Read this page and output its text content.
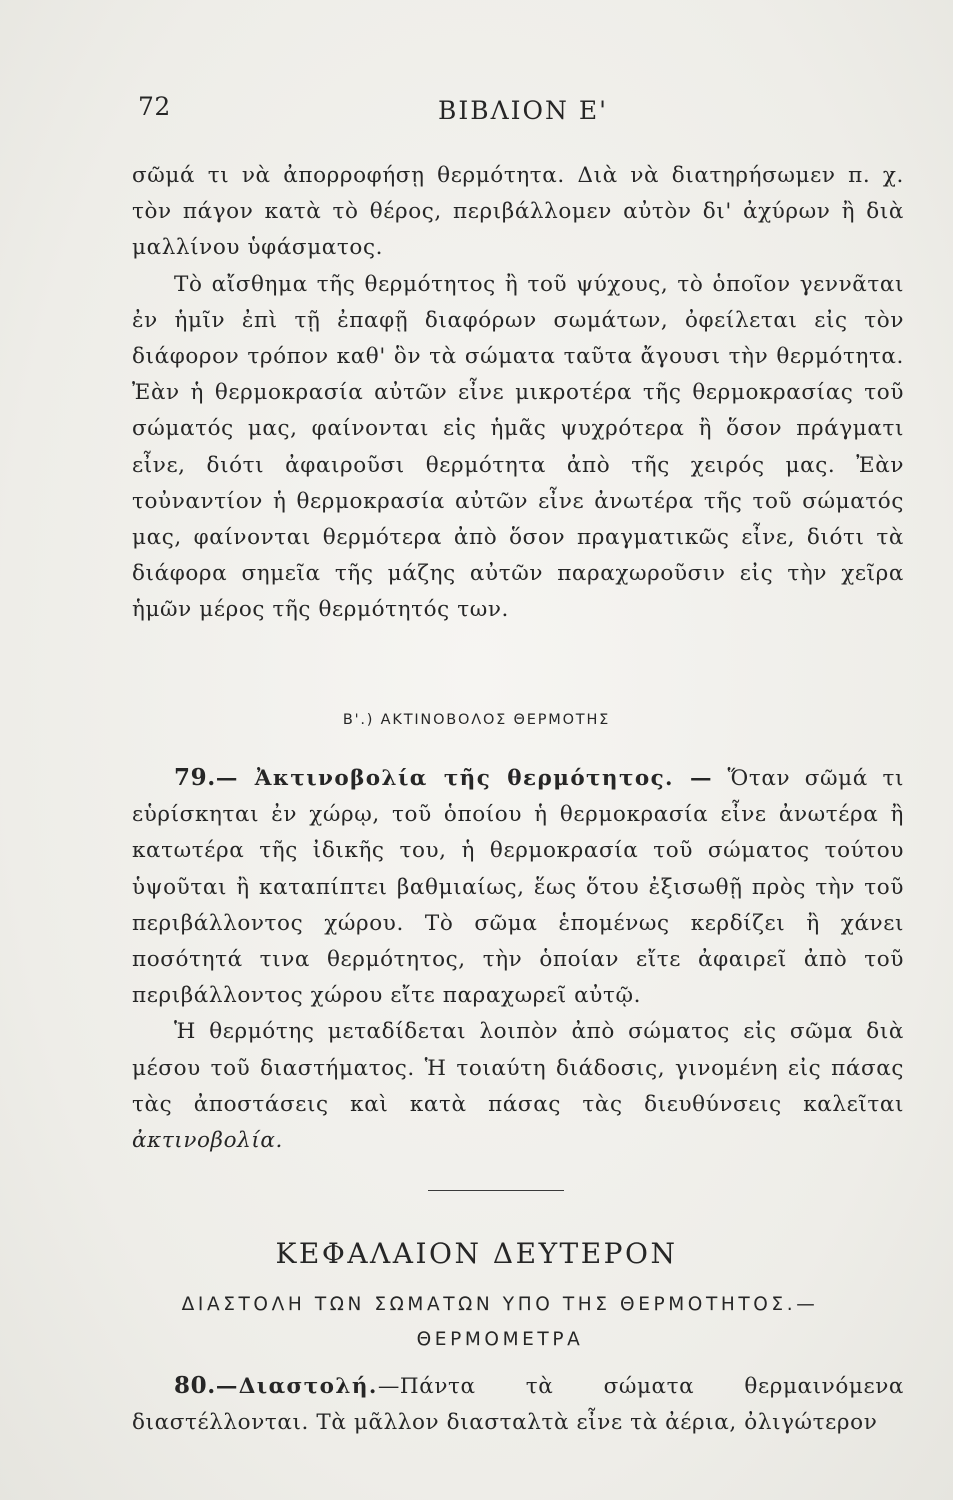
72	ΒΙΒΛΙΟΝ Ε'

σῶμά τι νὰ ἀπορροφήσῃ θερμότητα. Διὰ νὰ διατηρήσωμεν π. χ. τὸν πάγον κατὰ τὸ θέρος, περιβάλλομεν αὐτὸν δι' ἀχύρων ἢ διὰ μαλλίνου ὑφάσματος.

Τὸ αἴσθημα τῆς θερμότητος ἢ τοῦ ψύχους, τὸ ὁποῖον γεννᾶται ἐν ἡμῖν ἐπὶ τῇ ἐπαφῇ διαφόρων σωμάτων, ὀφείλεται εἰς τὸν διάφορον τρόπον καθ' ὃν τὰ σώματα ταῦτα ἄγουσι τὴν θερμότητα. Ἐὰν ἡ θερμοκρασία αὐτῶν εἶνε μικροτέρα τῆς θερμοκρασίας τοῦ σώματός μας, φαίνονται εἰς ἡμᾶς ψυχρότερα ἢ ὅσον πράγματι εἶνε, διότι ἀφαιροῦσι θερμότητα ἀπὸ τῆς χειρός μας. Ἐὰν τοὐναντίον ἡ θερμοκρασία αὐτῶν εἶνε ἀνωτέρα τῆς τοῦ σώματός μας, φαίνονται θερμότερα ἀπὸ ὅσον πραγματικῶς εἶνε, διότι τὰ διάφορα σημεῖα τῆς μάζης αὐτῶν παραχωροῦσιν εἰς τὴν χεῖρα ἡμῶν μέρος τῆς θερμότητός των.

Β'.) ΑΚΤΙΝΟΒΟΛΟΣ ΘΕΡΜΟΤΗΣ

79.— Ἀκτινοβολία τῆς θερμότητος. — Ὅταν σῶμά τι εὑρίσκηται ἐν χώρῳ, τοῦ ὁποίου ἡ θερμοκρασία εἶνε ἀνωτέρα ἢ κατωτέρα τῆς ἰδικῆς του, ἡ θερμοκρασία τοῦ σώματος τούτου ὑψοῦται ἢ καταπίπτει βαθμιαίως, ἕως ὅτου ἐξισωθῇ πρὸς τὴν τοῦ περιβάλλοντος χώρου. Τὸ σῶμα ἑπομένως κερδίζει ἢ χάνει ποσότητά τινα θερμότητος, τὴν ὁποίαν εἴτε ἀφαιρεῖ ἀπὸ τοῦ περιβάλλοντος χώρου εἴτε παραχωρεῖ αὐτῷ.

Ἡ θερμότης μεταδίδεται λοιπὸν ἀπὸ σώματος εἰς σῶμα διὰ μέσου τοῦ διαστήματος. Ἡ τοιαύτη διάδοσις, γινομένη εἰς πάσας τὰς ἀποστάσεις καὶ κατὰ πάσας τὰς διευθύνσεις καλεῖται ἀκτινοβολία.

ΚΕΦΑΛΑΙΟΝ ΔΕΥΤΕΡΟΝ
ΔΙΑΣΤΟΛΗ ΤΩΝ ΣΩΜΑΤΩΝ ΥΠΟ ΤΗΣ ΘΕΡΜΟΤΗΤΟΣ.—ΘΕΡΜΟΜΕΤΡΑ

80.—Διαστολή.—Πάντα τὰ σώματα θερμαινόμενα διαστέλλονται. Τὰ μᾶλλον διασταλτὰ εἶνε τὰ ἀέρια, ὀλιγώτερον
